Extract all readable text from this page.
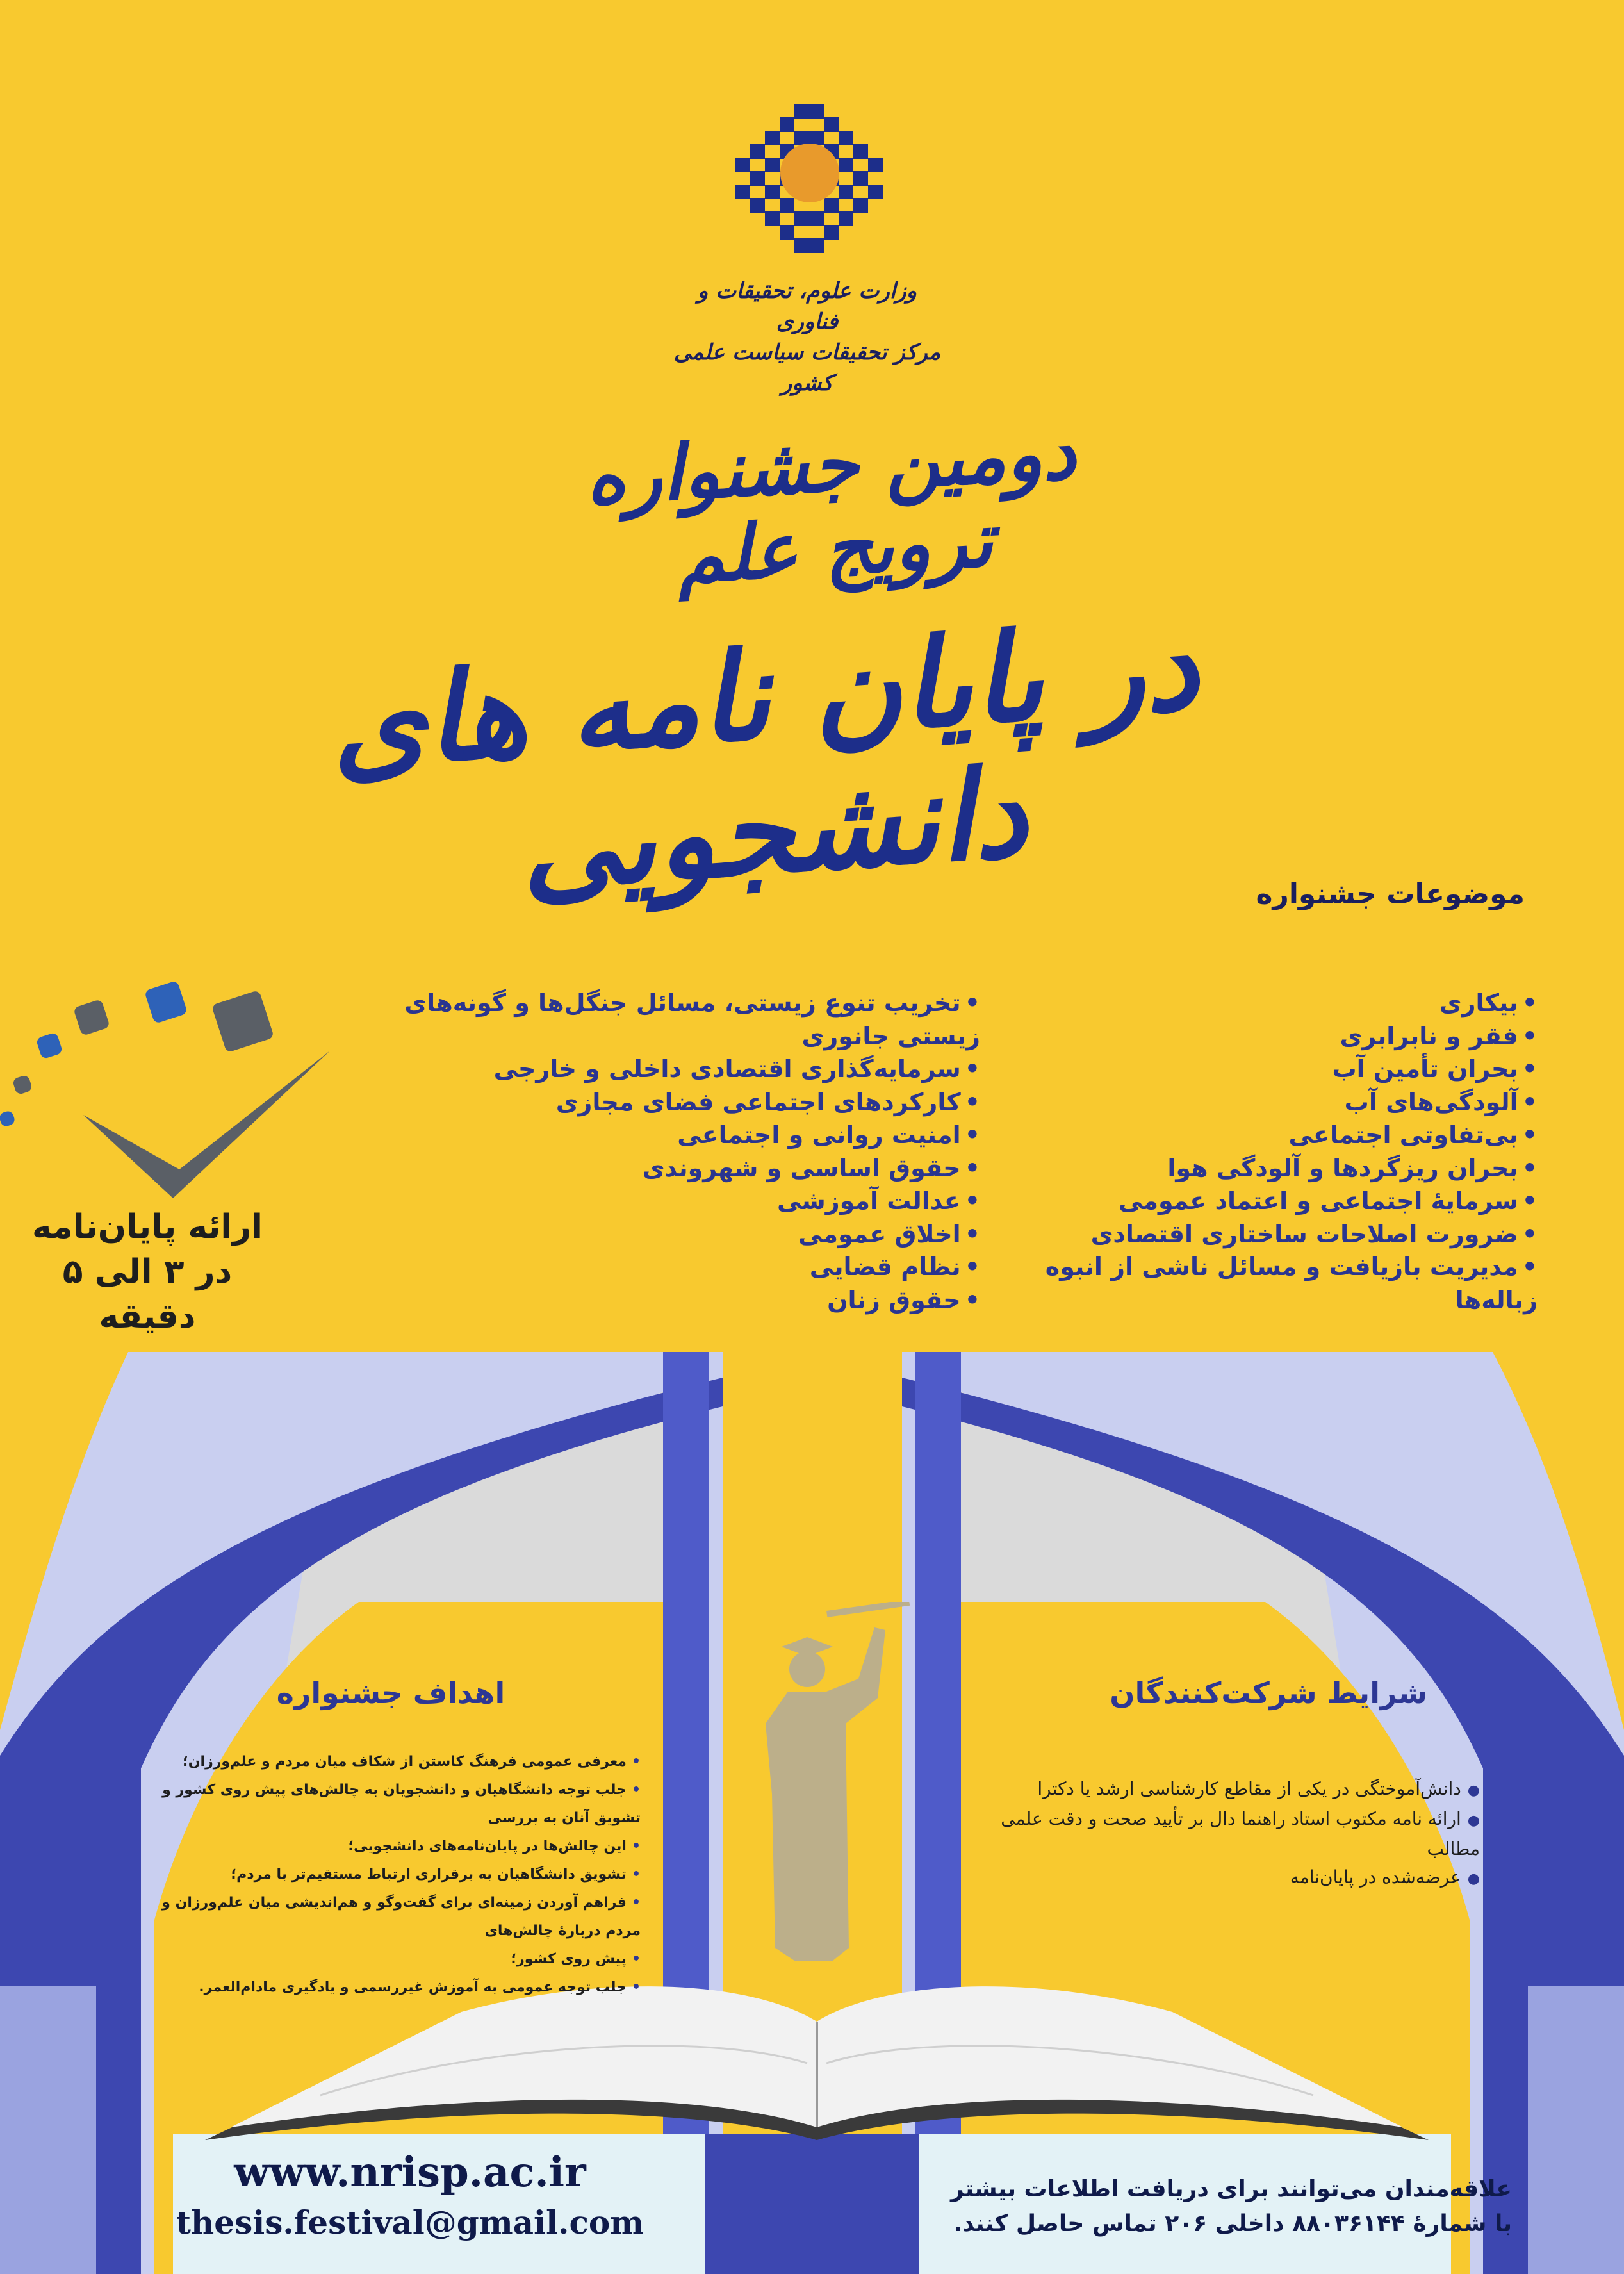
وزارت علوم، تحقیقات و فناوری
مرکز تحقیقات سیاست علمی کشور
دومین جشنواره ترویج علم
در پایان نامه های دانشجویی	موضوعات جشنواره
• بیکاری
• فقر و نابرابری
• بحران تأمین آب
• آلودگی‌های آب
• بی‌تفاوتی اجتماعی
• بحران ریزگردها و آلودگی هوا
• سرمایهٔ اجتماعی و اعتماد عمومی
• ضرورت اصلاحات ساختاری اقتصادی
• مدیریت بازیافت و مسائل ناشی از انبوه زباله‌ها
• تخریب تنوع زیستی، مسائل جنگل‌ها و گونه‌های زیستی جانوری
• سرمایه‌گذاری اقتصادی داخلی و خارجی
• کارکردهای اجتماعی فضای مجازی
• امنیت روانی و اجتماعی
• حقوق اساسی و شهروندی
• عدالت آموزشی
• اخلاق عمومی
• نظام قضایی
• حقوق زنان
ارائه پایان‌نامه
در ۳ الی ۵ دقیقه
اهداف جشنواره
• معرفی عمومی فرهنگ کاستن از شکاف میان مردم و علم‌ورزان؛
• جلب توجه دانشگاهیان و دانشجویان به چالش‌های پیش روی کشور و تشویق آنان به بررسی
• این چالش‌ها در پایان‌نامه‌های دانشجویی؛
• تشویق دانشگاهیان به برقراری ارتباط مستقیم‌تر با مردم؛
• فراهم آوردن زمینه‌ای برای گفت‌وگو و هم‌اندیشی میان علم‌ورزان و مردم دربارهٔ چالش‌های
• پیش روی کشور؛
• جلب توجه عمومی به آموزش غیررسمی و یادگیری مادام‌العمر.
شرایط شرکت‌کنندگان
● دانش‌آموختگی در یکی از مقاطع کارشناسی ارشد یا دکترا
● ارائه نامه مکتوب استاد راهنما دال بر تأیید صحت و دقت علمی مطالب
● عرضه‌شده در پایان‌نامه
www.nrisp.ac.ir
thesis.festival@gmail.com
علاقه‌مندان می‌توانند برای دریافت اطلاعات بیشتر
با شمارهٔ ۸۸۰۳۶۱۴۴ داخلی ۲۰۶ تماس حاصل کنند.
